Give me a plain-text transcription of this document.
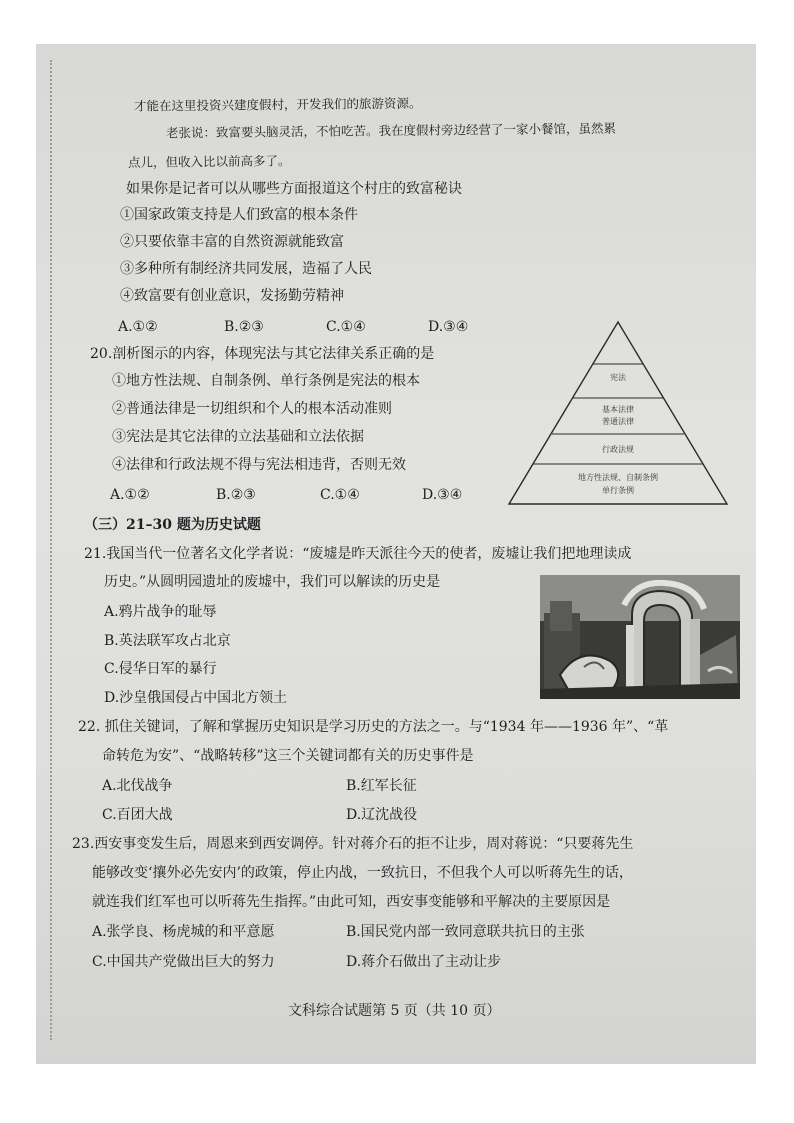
才能在这里投资兴建度假村，开发我们的旅游资源。
老张说：致富要头脑灵活，不怕吃苦。我在度假村旁边经营了一家小餐馆，虽然累
点儿，但收入比以前高多了。
如果你是记者可以从哪些方面报道这个村庄的致富秘诀
①国家政策支持是人们致富的根本条件
②只要依靠丰富的自然资源就能致富
③多种所有制经济共同发展，造福了人民
④致富要有创业意识，发扬勤劳精神
A.①②	B.②③	C.①④	D.③④
20.剖析图示的内容，体现宪法与其它法律关系正确的是
①地方性法规、自制条例、单行条例是宪法的根本
②普通法律是一切组织和个人的根本活动准则
③宪法是其它法律的立法基础和立法依据
④法律和行政法规不得与宪法相违背，否则无效
A.①②	B.②③	C.①④	D.③④
宪法
基本法律
普通法律
行政法规
地方性法规、自制条例
单行条例
（三）21–30 题为历史试题
21.我国当代一位著名文化学者说：“废墟是昨天派往今天的使者，废墟让我们把地理读成
历史。”从圆明园遗址的废墟中，我们可以解读的历史是
A.鸦片战争的耻辱
B.英法联军攻占北京
C.侵华日军的暴行
D.沙皇俄国侵占中国北方领土
22. 抓住关键词，了解和掌握历史知识是学习历史的方法之一。与“1934 年——1936 年”、“革
命转危为安”、“战略转移”这三个关键词都有关的历史事件是
A.北伐战争	B.红军长征
C.百团大战	D.辽沈战役
23.西安事变发生后，周恩来到西安调停。针对蒋介石的拒不让步，周对蒋说：“只要蒋先生
能够改变‘攘外必先安内’的政策，停止内战，一致抗日，不但我个人可以听蒋先生的话，
就连我们红军也可以听蒋先生指挥。”由此可知，西安事变能够和平解决的主要原因是
A.张学良、杨虎城的和平意愿	B.国民党内部一致同意联共抗日的主张
C.中国共产党做出巨大的努力	D.蒋介石做出了主动让步
文科综合试题第 5 页（共 10 页）
